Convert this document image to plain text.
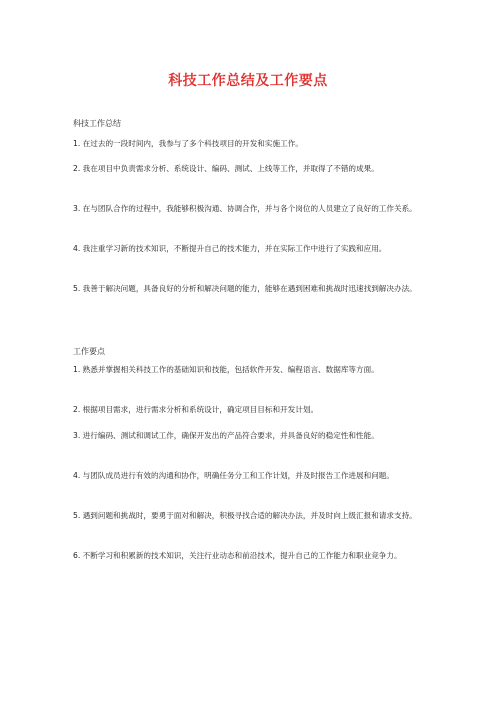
科技工作总结及工作要点
科技工作总结
1. 在过去的一段时间内，我参与了多个科技项目的开发和实施工作。
2. 我在项目中负责需求分析、系统设计、编码、测试、上线等工作，并取得了不错的成果。
3. 在与团队合作的过程中，我能够积极沟通、协调合作，并与各个岗位的人员建立了良好的工作关系。
4. 我注重学习新的技术知识，不断提升自己的技术能力，并在实际工作中进行了实践和应用。
5. 我善于解决问题，具备良好的分析和解决问题的能力，能够在遇到困难和挑战时迅速找到解决办法。
工作要点
1. 熟悉并掌握相关科技工作的基础知识和技能，包括软件开发、编程语言、数据库等方面。
2. 根据项目需求，进行需求分析和系统设计，确定项目目标和开发计划。
3. 进行编码、测试和调试工作，确保开发出的产品符合要求，并具备良好的稳定性和性能。
4. 与团队成员进行有效的沟通和协作，明确任务分工和工作计划，并及时报告工作进展和问题。
5. 遇到问题和挑战时，要勇于面对和解决，积极寻找合适的解决办法，并及时向上级汇报和请求支持。
6. 不断学习和积累新的技术知识，关注行业动态和前沿技术，提升自己的工作能力和职业竞争力。
